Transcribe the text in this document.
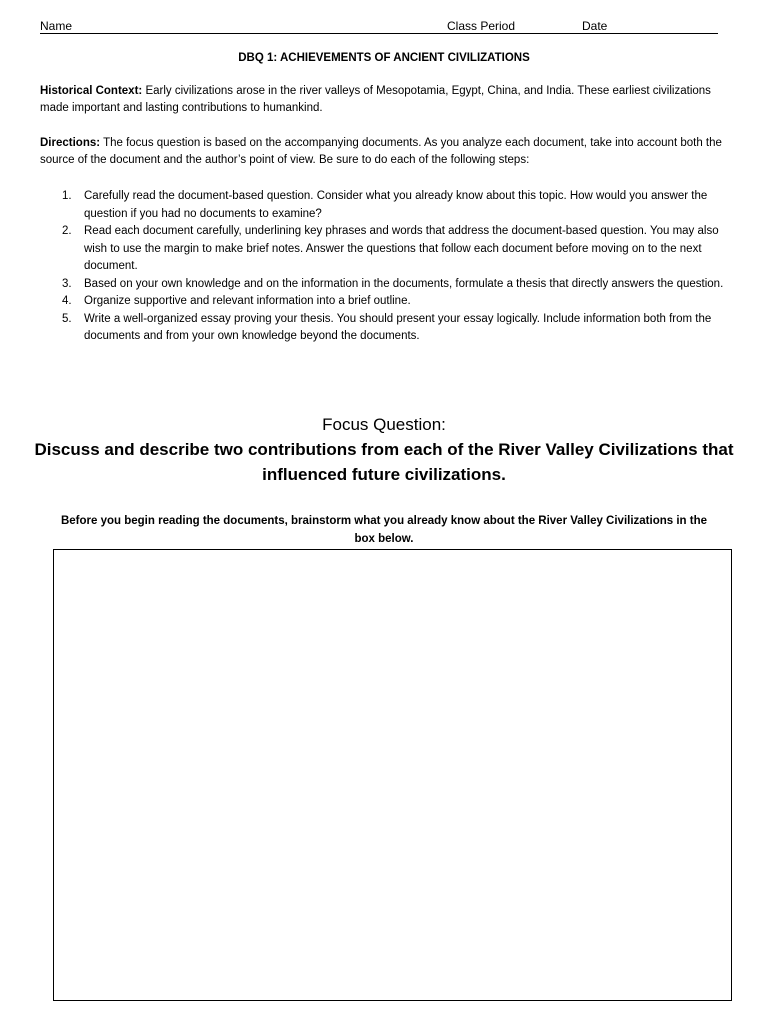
Name	Class Period	Date
DBQ 1: ACHIEVEMENTS OF ANCIENT CIVILIZATIONS
Historical Context: Early civilizations arose in the river valleys of Mesopotamia, Egypt, China, and India. These earliest civilizations made important and lasting contributions to humankind.
Directions: The focus question is based on the accompanying documents. As you analyze each document, take into account both the source of the document and the author’s point of view. Be sure to do each of the following steps:
1. Carefully read the document-based question. Consider what you already know about this topic. How would you answer the question if you had no documents to examine?
2. Read each document carefully, underlining key phrases and words that address the document-based question. You may also wish to use the margin to make brief notes. Answer the questions that follow each document before moving on to the next document.
3. Based on your own knowledge and on the information in the documents, formulate a thesis that directly answers the question.
4. Organize supportive and relevant information into a brief outline.
5. Write a well-organized essay proving your thesis. You should present your essay logically. Include information both from the documents and from your own knowledge beyond the documents.
Focus Question:
Discuss and describe two contributions from each of the River Valley Civilizations that influenced future civilizations.
Before you begin reading the documents, brainstorm what you already know about the River Valley Civilizations in the box below.
